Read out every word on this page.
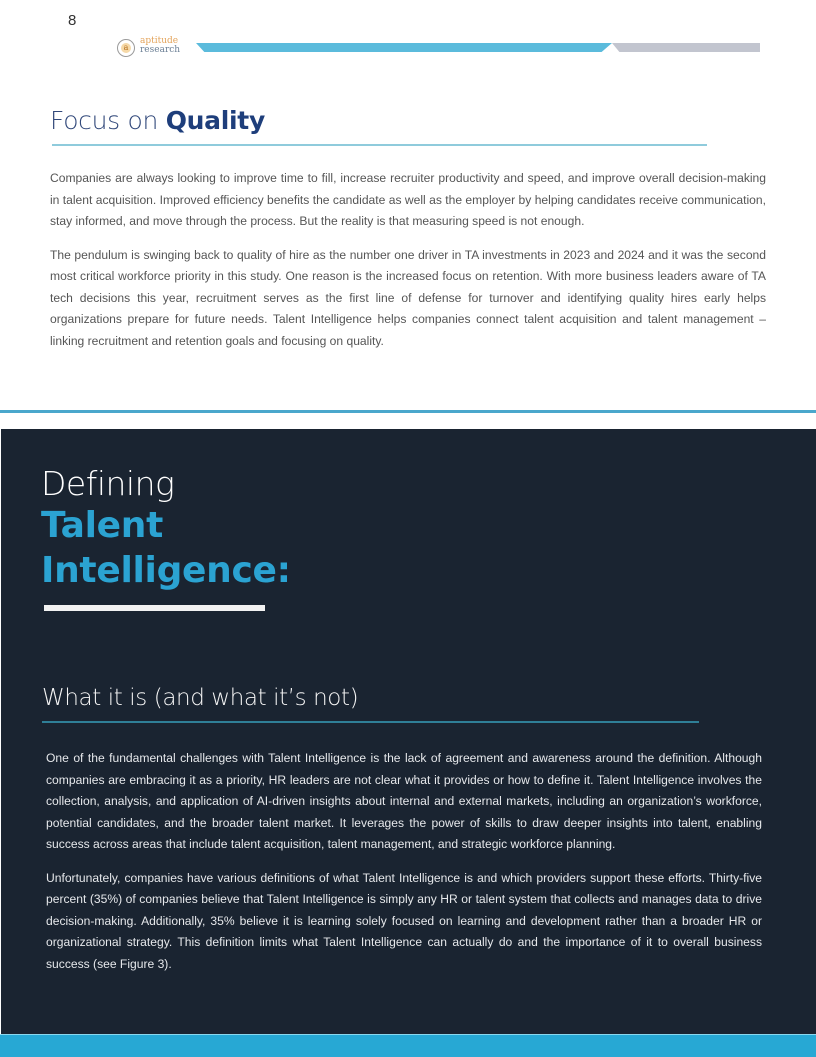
8
a
aptitude
research
Focus on Quality

Companies are always looking to improve time to fill, increase recruiter productivity and speed, and improve overall decision-making in talent acquisition. Improved efficiency benefits the candidate as well as the employer by helping candidates receive communication, stay informed, and move through the process. But the reality is that measuring speed is not enough.

The pendulum is swinging back to quality of hire as the number one driver in TA investments in 2023 and 2024 and it was the second most critical workforce priority in this study. One reason is the increased focus on retention. With more business leaders aware of TA tech decisions this year, recruitment serves as the first line of defense for turnover and identifying quality hires early helps organizations prepare for future needs. Talent Intelligence helps companies connect talent acquisition and talent management – linking recruitment and retention goals and focusing on quality.

Defining
Talent
Intelligence:
What it is (and what it’s not)

One of the fundamental challenges with Talent Intelligence is the lack of agreement and awareness around the definition. Although companies are embracing it as a priority, HR leaders are not clear what it provides or how to define it. Talent Intelligence involves the collection, analysis, and application of AI-driven insights about internal and external markets, including an organization’s workforce, potential candidates, and the broader talent market. It leverages the power of skills to draw deeper insights into talent, enabling success across areas that include talent acquisition, talent management, and strategic workforce planning.

Unfortunately, companies have various definitions of what Talent Intelligence is and which providers support these efforts. Thirty-five percent (35%) of companies believe that Talent Intelligence is simply any HR or talent system that collects and manages data to drive decision-making. Additionally, 35% believe it is learning solely focused on learning and development rather than a broader HR or organizational strategy. This definition limits what Talent Intelligence can actually do and the importance of it to overall business success (see Figure 3).
